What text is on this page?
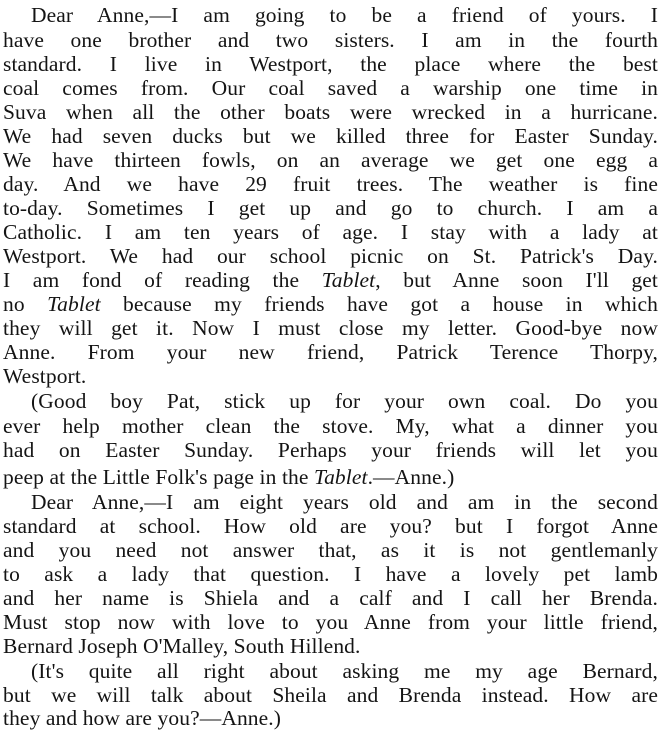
Dear Anne,—I am going to be a friend of yours. I
have one brother and two sisters. I am in the fourth
standard. I live in Westport, the place where the best
coal comes from. Our coal saved a warship one time in
Suva when all the other boats were wrecked in a hurricane.
We had seven ducks but we killed three for Easter Sunday.
We have thirteen fowls, on an average we get one egg a
day. And we have 29 fruit trees. The weather is fine
to-day. Sometimes I get up and go to church. I am a
Catholic. I am ten years of age. I stay with a lady at
Westport. We had our school picnic on St. Patrick's Day.
I am fond of reading the Tablet, but Anne soon I'll get
no Tablet because my friends have got a house in which
they will get it. Now I must close my letter. Good-bye now
Anne. From your new friend, Patrick Terence Thorpy,
Westport.
(Good boy Pat, stick up for your own coal. Do you
ever help mother clean the stove. My, what a dinner you
had on Easter Sunday. Perhaps your friends will let you
peep at the Little Folk's page in the Tablet.—Anne.)
Dear Anne,—I am eight years old and am in the second
standard at school. How old are you? but I forgot Anne
and you need not answer that, as it is not gentlemanly
to ask a lady that question. I have a lovely pet lamb
and her name is Shiela and a calf and I call her Brenda.
Must stop now with love to you Anne from your little friend,
Bernard Joseph O'Malley, South Hillend.
(It's quite all right about asking me my age Bernard,
but we will talk about Sheila and Brenda instead. How are
they and how are you?—Anne.)
